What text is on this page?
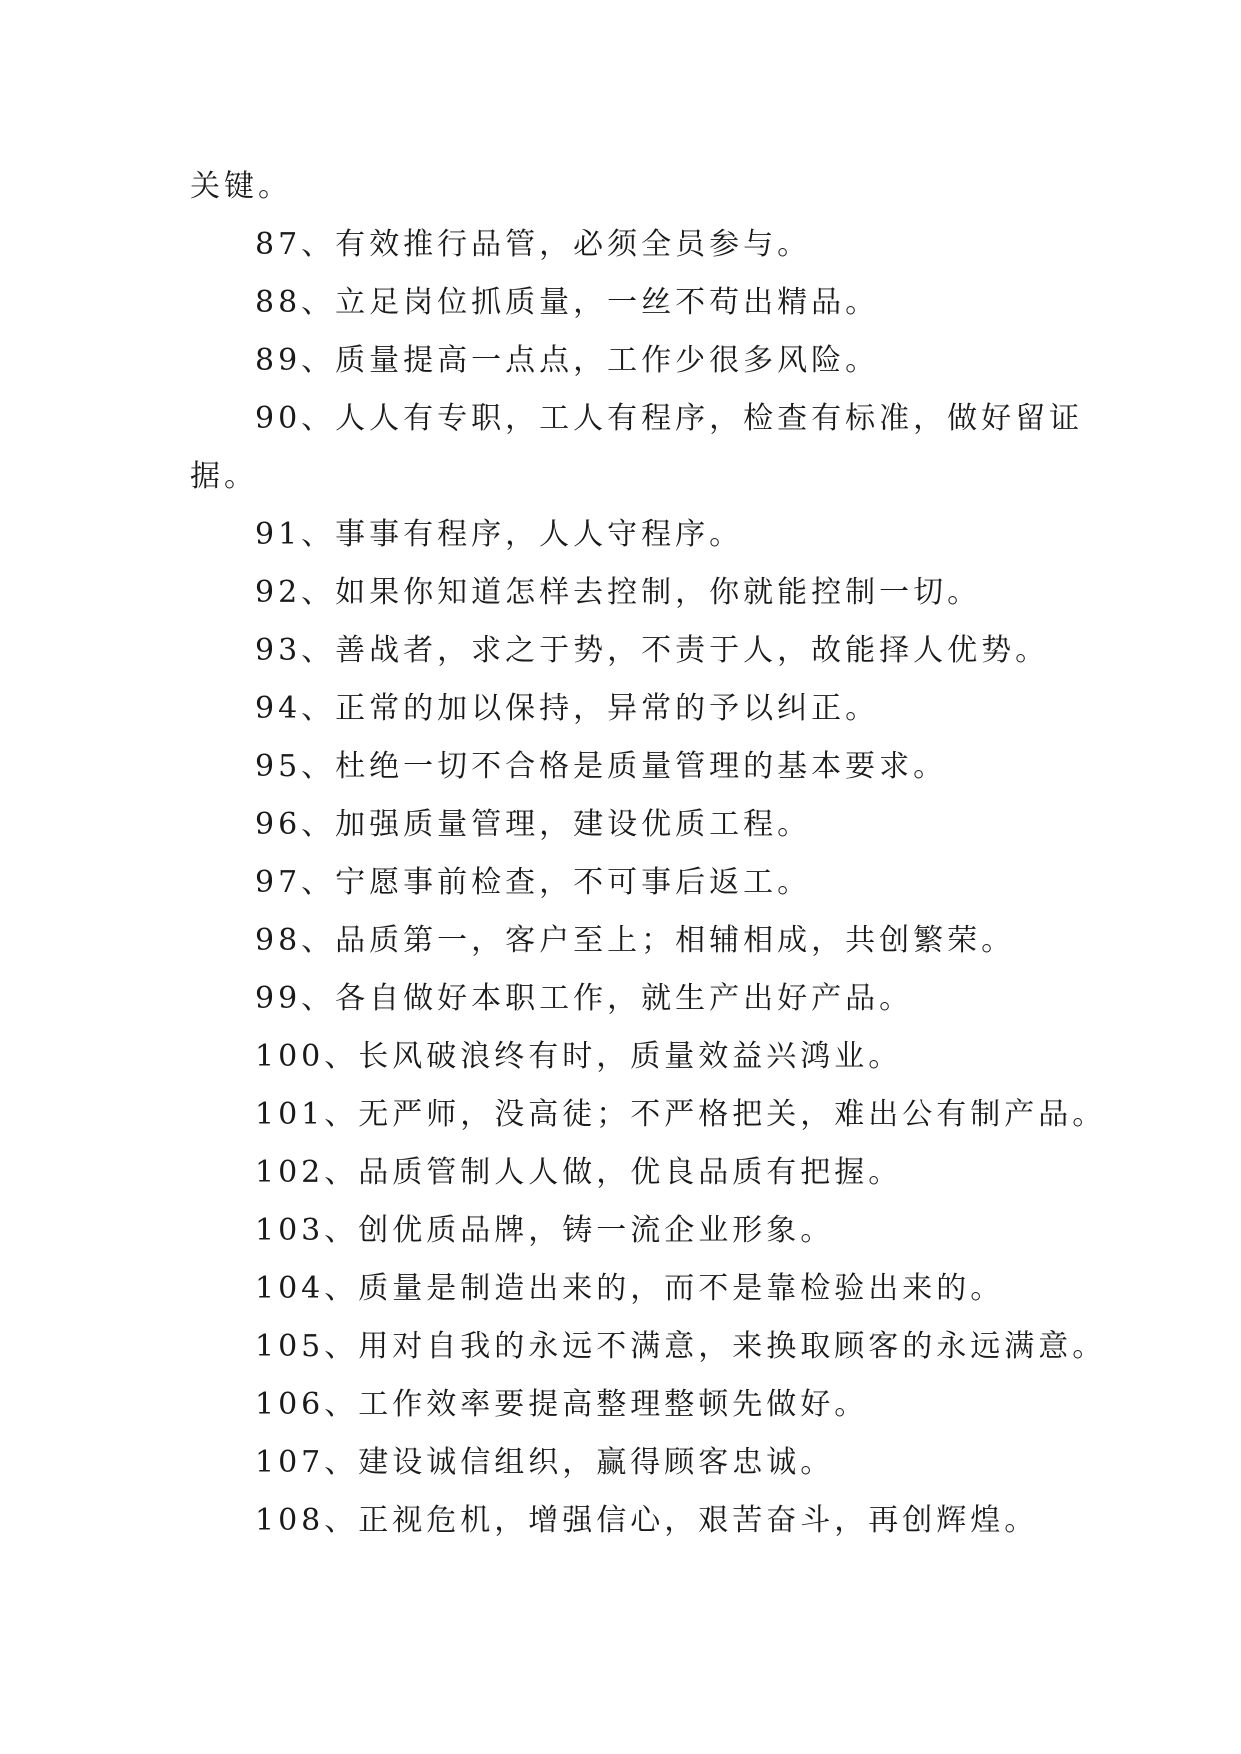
关键。
87、有效推行品管，必须全员参与。
88、立足岗位抓质量，一丝不苟出精品。
89、质量提高一点点，工作少很多风险。
90、人人有专职，工人有程序，检查有标准，做好留证
据。
91、事事有程序，人人守程序。
92、如果你知道怎样去控制，你就能控制一切。
93、善战者，求之于势，不责于人，故能择人优势。
94、正常的加以保持，异常的予以纠正。
95、杜绝一切不合格是质量管理的基本要求。
96、加强质量管理，建设优质工程。
97、宁愿事前检查，不可事后返工。
98、品质第一，客户至上；相辅相成，共创繁荣。
99、各自做好本职工作，就生产出好产品。
100、长风破浪终有时，质量效益兴鸿业。
101、无严师，没高徒；不严格把关，难出公有制产品。
102、品质管制人人做，优良品质有把握。
103、创优质品牌，铸一流企业形象。
104、质量是制造出来的，而不是靠检验出来的。
105、用对自我的永远不满意，来换取顾客的永远满意。
106、工作效率要提高整理整顿先做好。
107、建设诚信组织，赢得顾客忠诚。
108、正视危机，增强信心，艰苦奋斗，再创辉煌。
